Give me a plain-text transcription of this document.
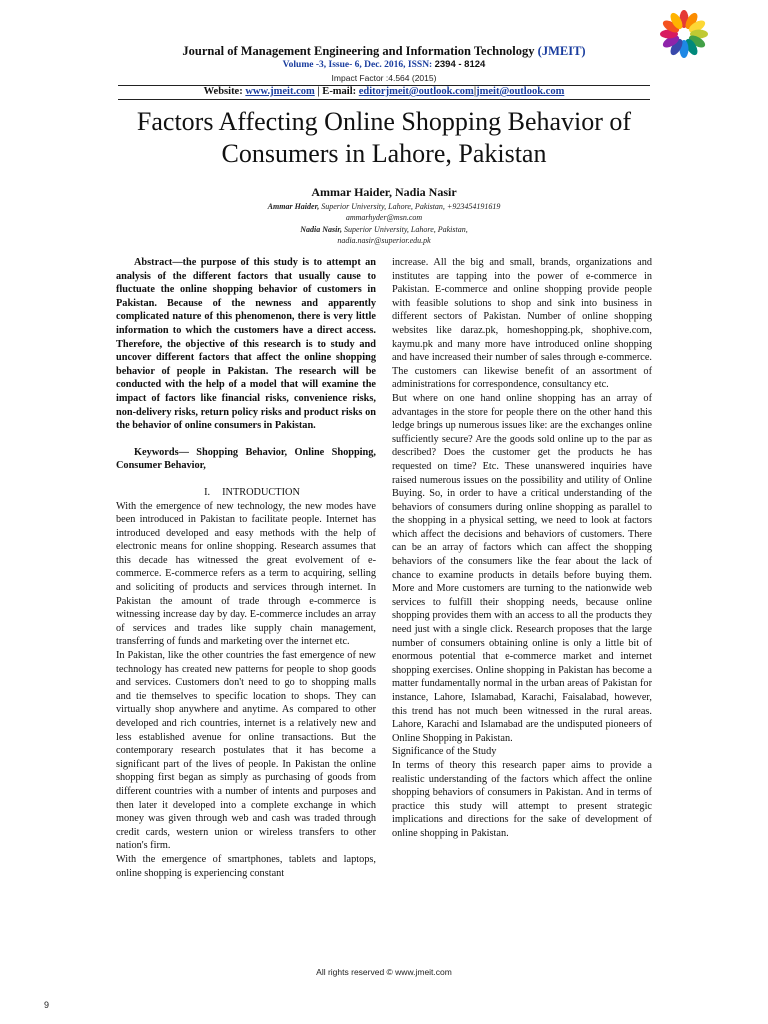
Journal of Management Engineering and Information Technology (JMEIT)
Volume -3, Issue- 6, Dec. 2016, ISSN: 2394 - 8124
Impact Factor :4.564 (2015)
Website: www.jmeit.com | E-mail: editorjmeit@outlook.com|jmeit@outlook.com
Factors Affecting Online Shopping Behavior of Consumers in Lahore, Pakistan
Ammar Haider, Nadia Nasir
Ammar Haider, Superior University, Lahore, Pakistan, +923454191619
ammarhyder@msn.com
Nadia Nasir, Superior University, Lahore, Pakistan,
nadia.nasir@superior.edu.pk

Abstract—the purpose of this study is to attempt an analysis of the different factors that usually cause to fluctuate the online shopping behavior of customers in Pakistan. Because of the newness and apparently complicated nature of this phenomenon, there is very little information to which the customers have a direct access. Therefore, the objective of this research is to study and uncover different factors that affect the online shopping behavior of people in Pakistan. The research will be conducted with the help of a model that will examine the impact of factors like financial risks, convenience risks, non-delivery risks, return policy risks and product risks on the behavior of online consumers in Pakistan.

Keywords— Shopping Behavior, Online Shopping, Consumer Behavior,

I. INTRODUCTION

With the emergence of new technology, the new modes have been introduced in Pakistan to facilitate people. Internet has introduced developed and easy methods with the help of electronic means for online shopping. Research assumes that this decade has witnessed the great evolvement of e-commerce. E-commerce refers as a term to acquiring, selling and soliciting of products and services through internet. In Pakistan the amount of trade through e-commerce is witnessing increase day by day. E-commerce includes an array of services and trades like supply chain management, transferring of funds and marketing over the internet etc.

In Pakistan, like the other countries the fast emergence of new technology has created new patterns for people to shop goods and services. Customers don't need to go to shopping malls and tie themselves to specific location to shops. They can virtually shop anywhere and anytime. As compared to other developed and rich countries, internet is a relatively new and less established avenue for online transactions. But the contemporary research postulates that it has become a significant part of the lives of people. In Pakistan the online shopping first began as simply as purchasing of goods from different countries with a number of intents and purposes and then later it developed into a complete exchange in which money was given through web and cash was traded through credit cards, western union or wireless transfers to other nation's firm.

With the emergence of smartphones, tablets and laptops, online shopping is experiencing constant

increase. All the big and small, brands, organizations and institutes are tapping into the power of e-commerce in Pakistan. E-commerce and online shopping provide people with feasible solutions to shop and sink into business in different sectors of Pakistan. Number of online shopping websites like daraz.pk, homeshopping.pk, shophive.com, kaymu.pk and many more have introduced online shopping and have increased their number of sales through e-commerce. The customers can likewise benefit of an assortment of administrations for correspondence, consultancy etc.

But where on one hand online shopping has an array of advantages in the store for people there on the other hand this ledge brings up numerous issues like: are the exchanges online sufficiently secure? Are the goods sold online up to the par as described? Does the customer get the products he has requested on time? Etc. These unanswered inquiries have raised numerous issues on the possibility and utility of Online Buying. So, in order to have a critical understanding of the behaviors of consumers during online shopping as parallel to the shopping in a physical setting, we need to look at factors which affect the decisions and behaviors of customers. There can be an array of factors which can affect the shopping behaviors of the consumers like the fear about the lack of chance to examine products in details before buying them. More and More customers are turning to the nationwide web services to fulfill their shopping needs, because online shopping provides them with an access to all the products they need just with a single click. Research proposes that the large number of consumers obtaining online is only a little bit of enormous potential that e-commerce market and internet shopping exercises. Online shopping in Pakistan has become a matter fundamentally normal in the urban areas of Pakistan for instance, Lahore, Islamabad, Karachi, Faisalabad, however, this trend has not much been witnessed in the rural areas. Lahore, Karachi and Islamabad are the undisputed pioneers of Online Shopping in Pakistan.

Significance of the Study

In terms of theory this research paper aims to provide a realistic understanding of the factors which affect the online shopping behaviors of consumers in Pakistan. And in terms of practice this study will attempt to present strategic implications and directions for the sake of development of online shopping in Pakistan.

All rights reserved © www.jmeit.com
9
